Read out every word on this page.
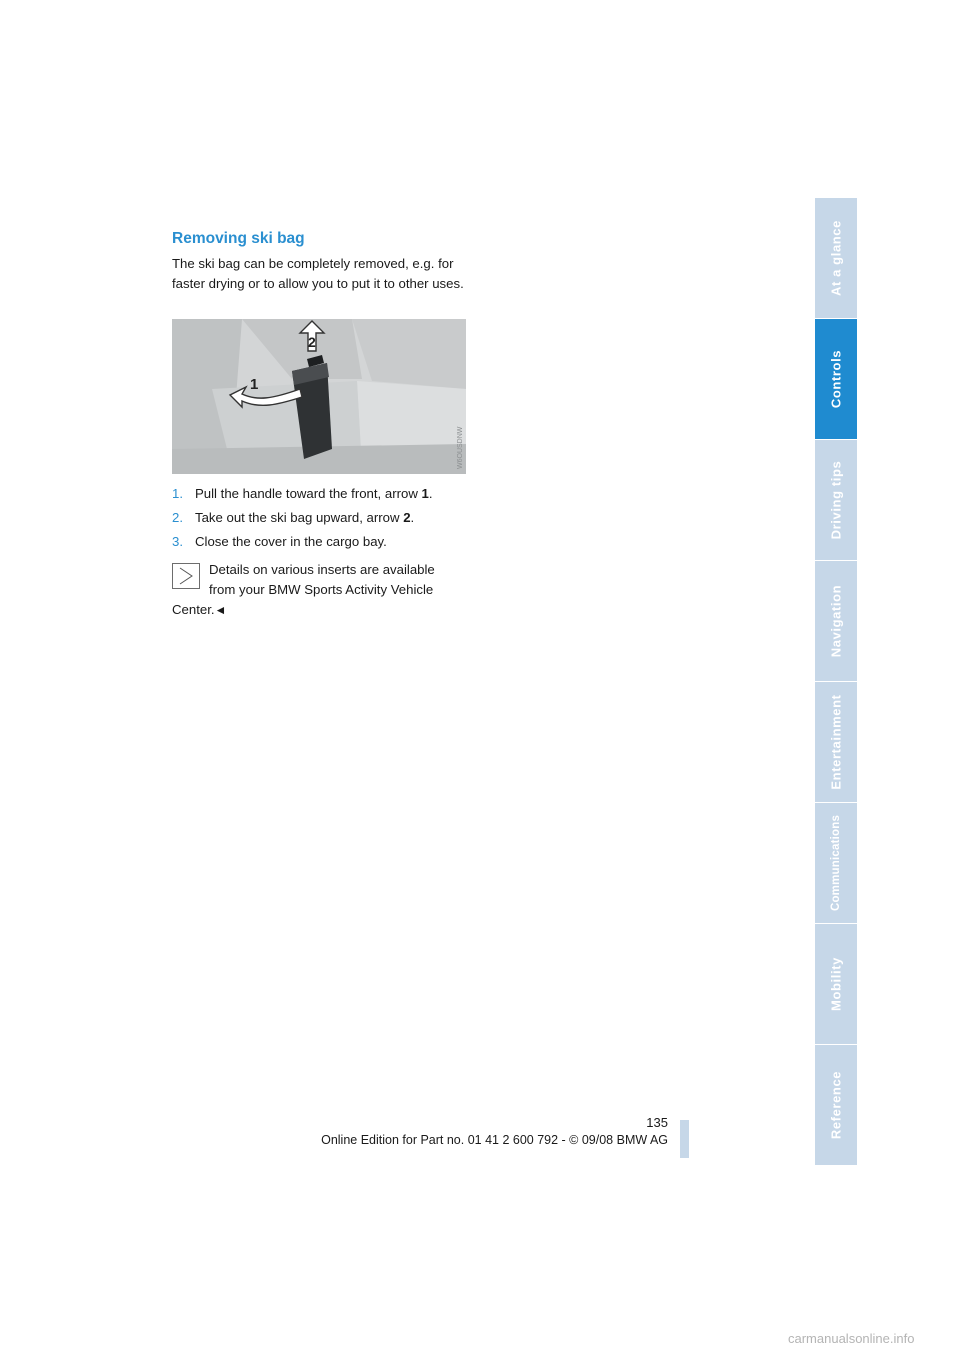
Removing ski bag
The ski bag can be completely removed, e.g. for faster drying or to allow you to put it to other uses.
1
2
W6OUSDNW
1. Pull the handle toward the front, arrow 1.
2. Take out the ski bag upward, arrow 2.
3. Close the cover in the cargo bay.
Details on various inserts are available
from your BMW Sports Activity Vehicle
Center.◄
At a glance
Controls
Driving tips
Navigation
Entertainment
Communications
Mobility
Reference
135
Online Edition for Part no. 01 41 2 600 792 - © 09/08 BMW AG
carmanualsonline.info
